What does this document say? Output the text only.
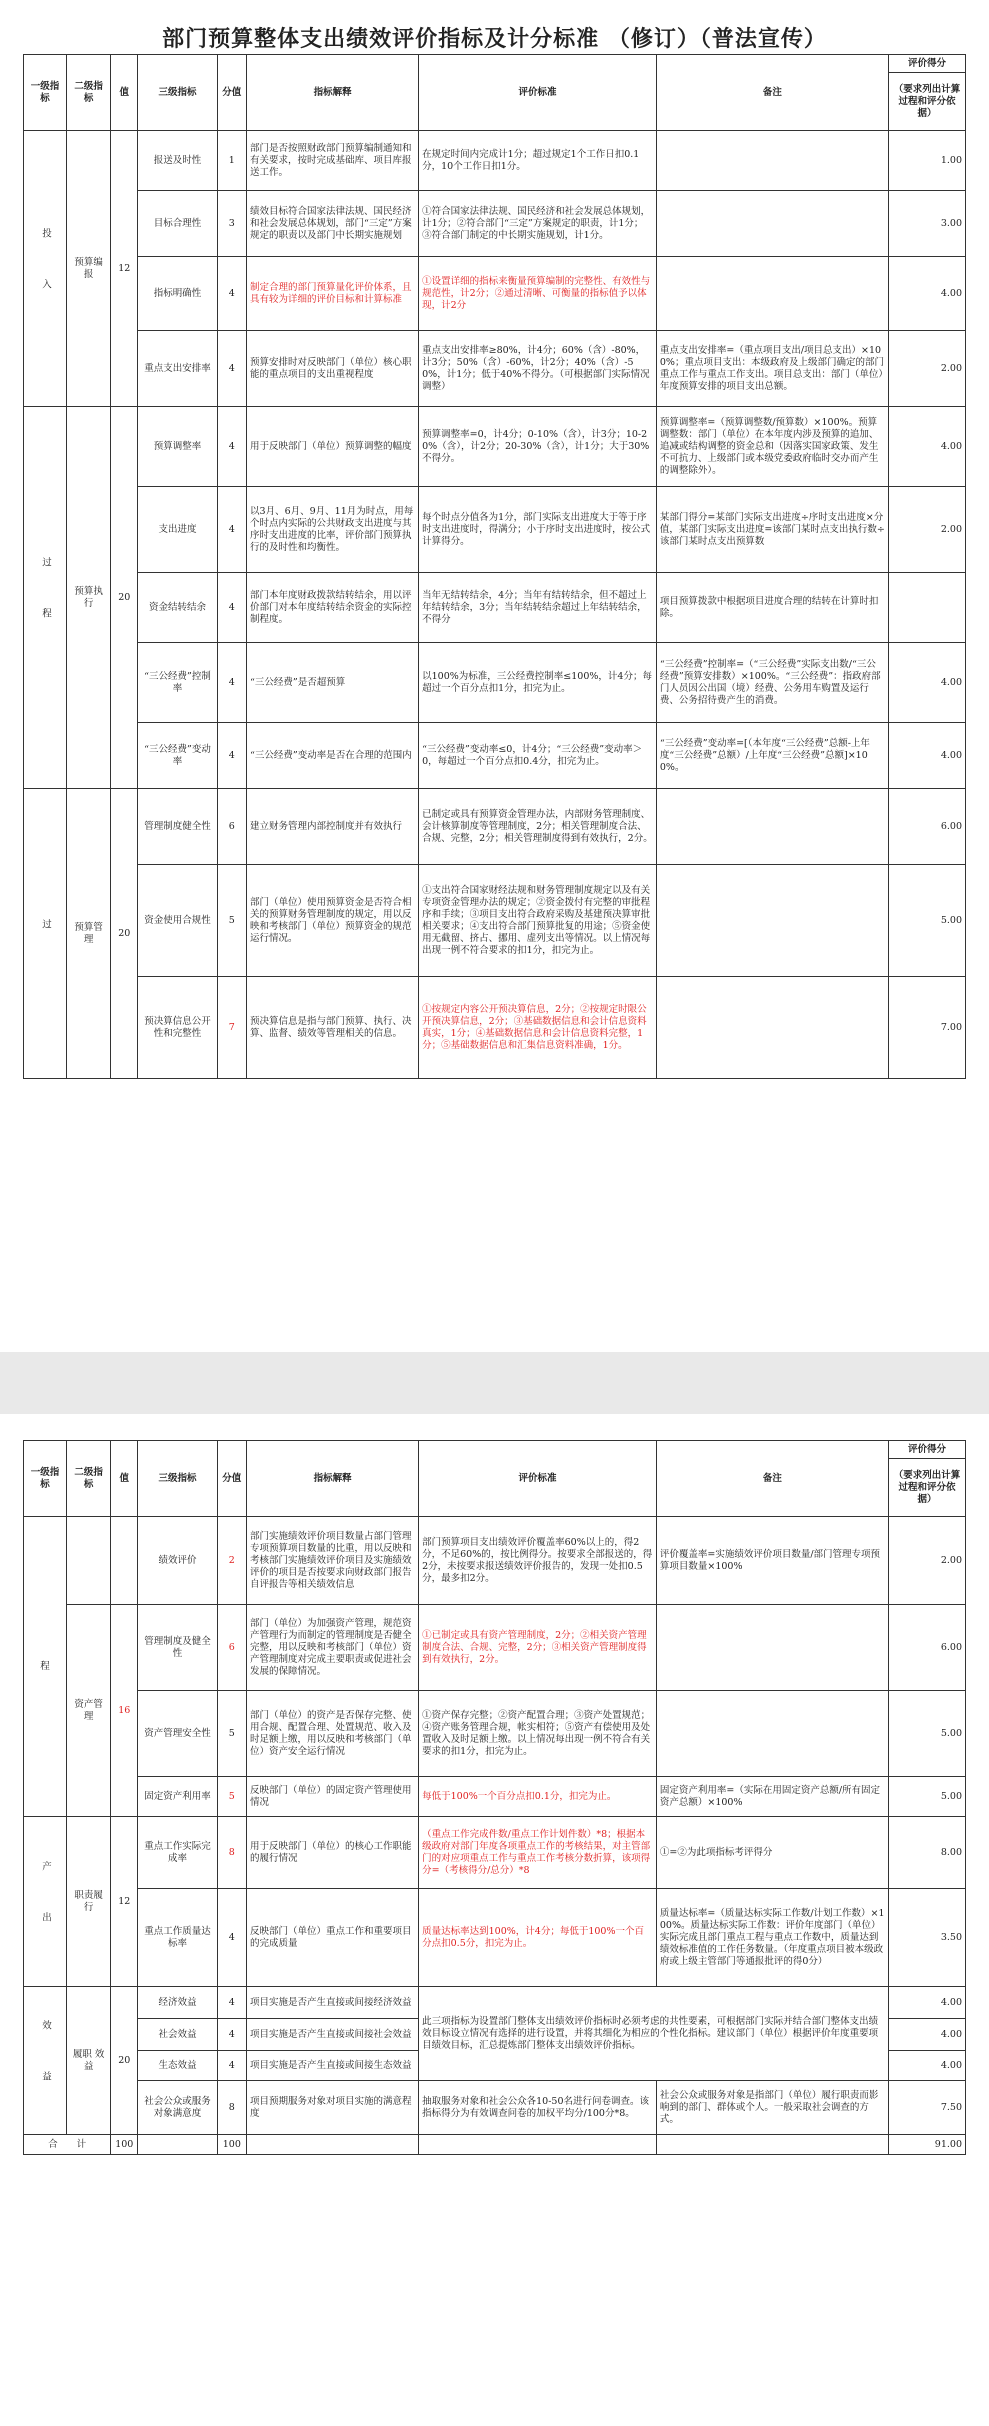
部门预算整体支出绩效评价指标及计分标准 （修订）（普法宣传）
一级指标	二级指标	值	三级指标	分值	指标解释	评价标准	备注	评价得分
								（要求列出计算过程和评分依据）
投　入	预算编报	12	报送及时性	1	部门是否按照财政部门预算编制通知和有关要求，按时完成基础库、项目库报送工作。	在规定时间内完成计1分；超过规定1个工作日扣0.1分，10个工作日扣1分。		1.00
			目标合理性	3	绩效目标符合国家法律法规、国民经济和社会发展总体规划，部门“三定”方案规定的职责以及部门中长期实施规划	①符合国家法律法规、国民经济和社会发展总体规划，计1分；②符合部门“三定”方案规定的职责，计1分；③符合部门制定的中长期实施规划，计1分。		3.00
			指标明确性	4	制定合理的部门预算量化评价体系，且具有较为详细的评价目标和计算标准	①设置详细的指标来衡量预算编制的完整性、有效性与规范性，计2分；②通过清晰、可衡量的指标值予以体现，计2分		4.00
			重点支出安排率	4	预算安排时对反映部门（单位）核心职能的重点项目的支出重视程度	重点支出安排率≥80%，计4分；60%（含）-80%，计3分；50%（含）-60%，计2分；40%（含）-50%，计1分；低于40%不得分。（可根据部门实际情况调整）	重点支出安排率=（重点项目支出/项目总支出）×100%；重点项目支出：本级政府及上级部门确定的部门重点工作与重点工作支出。项目总支出：部门（单位）年度预算安排的项目支出总额。	2.00
过　程	预算执行	20	预算调整率	4	用于反映部门（单位）预算调整的幅度	预算调整率=0，计4分；0-10%（含），计3分；10-20%（含），计2分；20-30%（含），计1分；大于30%不得分。	预算调整率=（预算调整数/预算数）×100%。预算调整数：部门（单位）在本年度内涉及预算的追加、追减或结构调整的资金总和（因落实国家政策、发生不可抗力、上级部门或本级党委政府临时交办而产生的调整除外）。	4.00
			支出进度	4	以3月、6月、9月、11月为时点，用每个时点内实际的公共财政支出进度与其序时支出进度的比率，评价部门预算执行的及时性和均衡性。	每个时点分值各为1分，部门实际支出进度大于等于序时支出进度时，得满分；小于序时支出进度时，按公式计算得分。	某部门得分=某部门实际支出进度÷序时支出进度×分值，某部门实际支出进度=该部门某时点支出执行数÷该部门某时点支出预算数	2.00
			资金结转结余	4	部门本年度财政拨款结转结余，用以评价部门对本年度结转结余资金的实际控制程度。	当年无结转结余，4分；当年有结转结余，但不超过上年结转结余，3分；当年结转结余超过上年结转结余，不得分	项目预算拨款中根据项目进度合理的结转在计算时扣除。	
			“三公经费”控制率	4	“三公经费”是否超预算	以100%为标准，三公经费控制率≤100%，计4分；每超过一个百分点扣1分，扣完为止。	“三公经费”控制率=（“三公经费”实际支出数/“三公经费”预算安排数）×100%。“三公经费”：指政府部门人员因公出国（境）经费、公务用车购置及运行费、公务招待费产生的消费。	4.00
			“三公经费”变动率	4	“三公经费”变动率是否在合理的范围内	“三公经费”变动率≤0，计4分；“三公经费”变动率＞0，每超过一个百分点扣0.4分，扣完为止。	“三公经费”变动率=[（本年度“三公经费”总额-上年度“三公经费”总额）/上年度“三公经费”总额]×100%。	4.00
过	预算管理	20	管理制度健全性	6	建立财务管理内部控制度并有效执行	已制定或具有预算资金管理办法，内部财务管理制度、会计核算制度等管理制度，2分；相关管理制度合法、合规、完整，2分；相关管理制度得到有效执行，2分。		6.00
			资金使用合规性	5	部门（单位）使用预算资金是否符合相关的预算财务管理制度的规定，用以反映和考核部门（单位）预算资金的规范运行情况。	①支出符合国家财经法规和财务管理制度规定以及有关专项资金管理办法的规定；②资金拨付有完整的审批程序和手续；③项目支出符合政府采购及基建预决算审批相关要求；④支出符合部门预算批复的用途；⑤资金使用无截留、挤占、挪用、虚列支出等情况。以上情况每出现一例不符合要求的扣1分，扣完为止。		5.00
			预决算信息公开性和完整性	7	预决算信息是指与部门预算、执行、决算、监督、绩效等管理相关的信息。	①按规定内容公开预决算信息，2分；②按规定时限公开预决算信息，2分；③基础数据信息和会计信息资料真实，1分；④基础数据信息和会计信息资料完整，1分；⑤基础数据信息和汇集信息资料准确，1分。		7.00
一级指标	二级指标	值	三级指标	分值	指标解释	评价标准	备注	评价得分
								（要求列出计算过程和评分依据）
程			绩效评价	2	部门实施绩效评价项目数量占部门管理专项预算项目数量的比重，用以反映和考核部门实施绩效评价项目及实施绩效评价的项目是否按要求向财政部门报告自评报告等相关绩效信息	部门预算项目支出绩效评价覆盖率60%以上的，得2分，不足60%的，按比例得分。按要求全部报送的，得2分，未按要求报送绩效评价报告的，发现一处扣0.5分，最多扣2分。	评价覆盖率=实施绩效评价项目数量/部门管理专项预算项目数量×100%	2.00
	资产管理	16	管理制度及健全性	6	部门（单位）为加强资产管理，规范资产管理行为而制定的管理制度是否健全完整，用以反映和考核部门（单位）资产管理制度对完成主要职责或促进社会发展的保障情况。	①已制定或具有资产管理制度，2分；②相关资产管理制度合法、合规、完整，2分；③相关资产管理制度得到有效执行，2分。		6.00
			资产管理安全性	5	部门（单位）的资产是否保存完整、使用合规、配置合理、处置规范、收入及时足额上缴，用以反映和考核部门（单位）资产安全运行情况	①资产保存完整；②资产配置合理；③资产处置规范；④资产账务管理合规，帐实相符；⑤资产有偿使用及处置收入及时足额上缴。以上情况每出现一例不符合有关要求的扣1分，扣完为止。		5.00
			固定资产利用率	5	反映部门（单位）的固定资产管理使用情况	每低于100%一个百分点扣0.1分，扣完为止。	固定资产利用率=（实际在用固定资产总额/所有固定资产总额）×100%	5.00
产　出	职责履行	12	重点工作实际完成率	8	用于反映部门（单位）的核心工作职能的履行情况	（重点工作完成件数/重点工作计划件数）*8；根据本级政府对部门年度各项重点工作的考核结果，对主管部门的对应项重点工作与重点工作考核分数折算，该项得分=（考核得分/总分）*8	①=②为此项指标考评得分	8.00
			重点工作质量达标率	4	反映部门（单位）重点工作和重要项目的完成质量	质量达标率达到100%，计4分；每低于100%一个百分点扣0.5分，扣完为止。	质量达标率=（质量达标实际工作数/计划工作数）×100%。质量达标实际工作数：评价年度部门（单位）实际完成且部门重点工程与重点工作数中，质量达到绩效标准值的工作任务数量。（年度重点项目被本级政府或上级主管部门等通报批评的得0分）	3.50
效　益	履职 效益	20	经济效益	4	项目实施是否产生直接或间接经济效益	此三项指标为设置部门整体支出绩效评价指标时必须考虑的共性要素，可根据部门实际并结合部门整体支出绩效目标设立情况有选择的进行设置，并将其细化为相应的个性化指标。建议部门（单位）根据评价年度重要项目绩效目标，汇总提炼部门整体支出绩效评价指标。		4.00
			社会效益	4	项目实施是否产生直接或间接社会效益			4.00
			生态效益	4	项目实施是否产生直接或间接生态效益			4.00
			社会公众或服务对象满意度	8	项目预期服务对象对项目实施的满意程度	抽取服务对象和社会公众各10-50名进行问卷调查。该指标得分为有效调查问卷的加权平均分/100分*8。	社会公众或服务对象是指部门（单位）履行职责而影响到的部门、群体或个人。一般采取社会调查的方式。	7.50
合　　计		100		100				91.00
